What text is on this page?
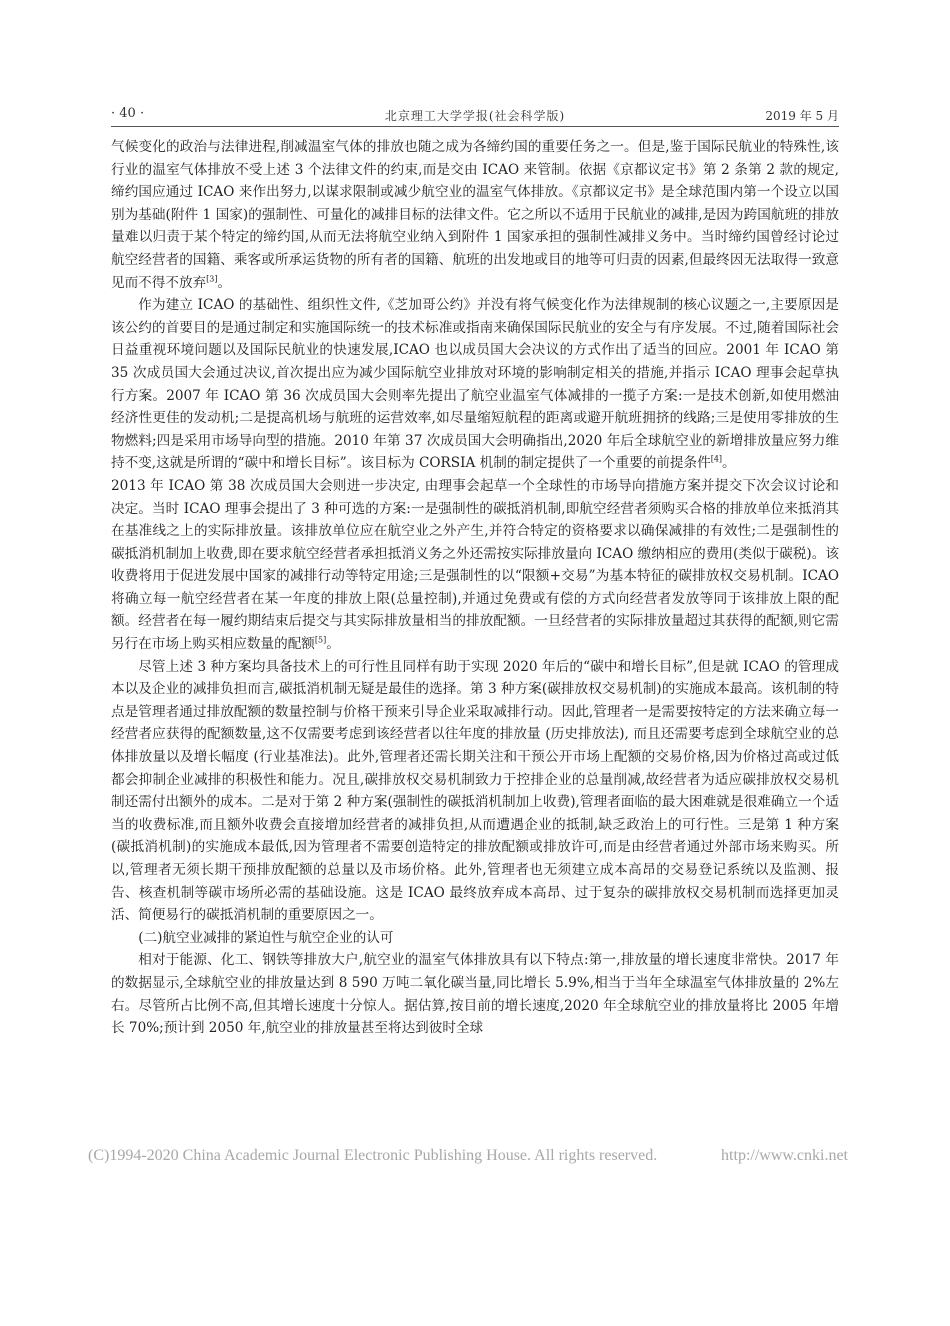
· 40 ·	北京理工大学学报(社会科学版)	2019 年 5 月

气候变化的政治与法律进程,削减温室气体的排放也随之成为各缔约国的重要任务之一。但是,鉴于国际民航业的特殊性,该行业的温室气体排放不受上述 3 个法律文件的约束,而是交由 ICAO 来管制。依据《京都议定书》第 2 条第 2 款的规定,缔约国应通过 ICAO 来作出努力,以谋求限制或减少航空业的温室气体排放。《京都议定书》是全球范围内第一个设立以国别为基础(附件 1 国家)的强制性、可量化的减排目标的法律文件。它之所以不适用于民航业的减排,是因为跨国航班的排放量难以归责于某个特定的缔约国,从而无法将航空业纳入到附件 1 国家承担的强制性减排义务中。当时缔约国曾经讨论过航空经营者的国籍、乘客或所承运货物的所有者的国籍、航班的出发地或目的地等可归责的因素,但最终因无法取得一致意见而不得不放弃[3]。

作为建立 ICAO 的基础性、组织性文件,《芝加哥公约》并没有将气候变化作为法律规制的核心议题之一,主要原因是该公约的首要目的是通过制定和实施国际统一的技术标准或指南来确保国际民航业的安全与有序发展。不过,随着国际社会日益重视环境问题以及国际民航业的快速发展,ICAO 也以成员国大会决议的方式作出了适当的回应。2001 年 ICAO 第 35 次成员国大会通过决议,首次提出应为减少国际航空业排放对环境的影响制定相关的措施,并指示 ICAO 理事会起草执行方案。2007 年 ICAO 第 36 次成员国大会则率先提出了航空业温室气体减排的一揽子方案:一是技术创新,如使用燃油经济性更佳的发动机;二是提高机场与航班的运营效率,如尽量缩短航程的距离或避开航班拥挤的线路;三是使用零排放的生物燃料;四是采用市场导向型的措施。2010 年第 37 次成员国大会明确指出,2020 年后全球航空业的新增排放量应努力维持不变,这就是所谓的“碳中和增长目标”。该目标为 CORSIA 机制的制定提供了一个重要的前提条件[4]。

2013 年 ICAO 第 38 次成员国大会则进一步决定, 由理事会起草一个全球性的市场导向措施方案并提交下次会议讨论和决定。当时 ICAO 理事会提出了 3 种可选的方案:一是强制性的碳抵消机制,即航空经营者须购买合格的排放单位来抵消其在基准线之上的实际排放量。该排放单位应在航空业之外产生,并符合特定的资格要求以确保减排的有效性;二是强制性的碳抵消机制加上收费,即在要求航空经营者承担抵消义务之外还需按实际排放量向 ICAO 缴纳相应的费用(类似于碳税)。该收费将用于促进发展中国家的减排行动等特定用途;三是强制性的以“限额+交易”为基本特征的碳排放权交易机制。ICAO 将确立每一航空经营者在某一年度的排放上限(总量控制),并通过免费或有偿的方式向经营者发放等同于该排放上限的配额。经营者在每一履约期结束后提交与其实际排放量相当的排放配额。一旦经营者的实际排放量超过其获得的配额,则它需另行在市场上购买相应数量的配额[5]。

尽管上述 3 种方案均具备技术上的可行性且同样有助于实现 2020 年后的“碳中和增长目标”,但是就 ICAO 的管理成本以及企业的减排负担而言,碳抵消机制无疑是最佳的选择。第 3 种方案(碳排放权交易机制)的实施成本最高。该机制的特点是管理者通过排放配额的数量控制与价格干预来引导企业采取减排行动。因此,管理者一是需要按特定的方法来确立每一经营者应获得的配额数量,这不仅需要考虑到该经营者以往年度的排放量 (历史排放法), 而且还需要考虑到全球航空业的总体排放量以及增长幅度 (行业基准法)。此外,管理者还需长期关注和干预公开市场上配额的交易价格,因为价格过高或过低都会抑制企业减排的积极性和能力。况且,碳排放权交易机制致力于控排企业的总量削减,故经营者为适应碳排放权交易机制还需付出额外的成本。二是对于第 2 种方案(强制性的碳抵消机制加上收费),管理者面临的最大困难就是很难确立一个适当的收费标准,而且额外收费会直接增加经营者的减排负担,从而遭遇企业的抵制,缺乏政治上的可行性。三是第 1 种方案(碳抵消机制)的实施成本最低,因为管理者不需要创造特定的排放配额或排放许可,而是由经营者通过外部市场来购买。所以,管理者无须长期干预排放配额的总量以及市场价格。此外,管理者也无须建立成本高昂的交易登记系统以及监测、报告、核查机制等碳市场所必需的基础设施。这是 ICAO 最终放弃成本高昂、过于复杂的碳排放权交易机制而选择更加灵活、简便易行的碳抵消机制的重要原因之一。

(二)航空业减排的紧迫性与航空企业的认可

相对于能源、化工、钢铁等排放大户,航空业的温室气体排放具有以下特点:第一,排放量的增长速度非常快。2017 年的数据显示,全球航空业的排放量达到 8 590 万吨二氧化碳当量,同比增长 5.9%,相当于当年全球温室气体排放量的 2%左右。尽管所占比例不高,但其增长速度十分惊人。据估算,按目前的增长速度,2020 年全球航空业的排放量将比 2005 年增长 70%;预计到 2050 年,航空业的排放量甚至将达到彼时全球

(C)1994-2020 China Academic Journal Electronic Publishing House. All rights reserved.	http://www.cnki.net
